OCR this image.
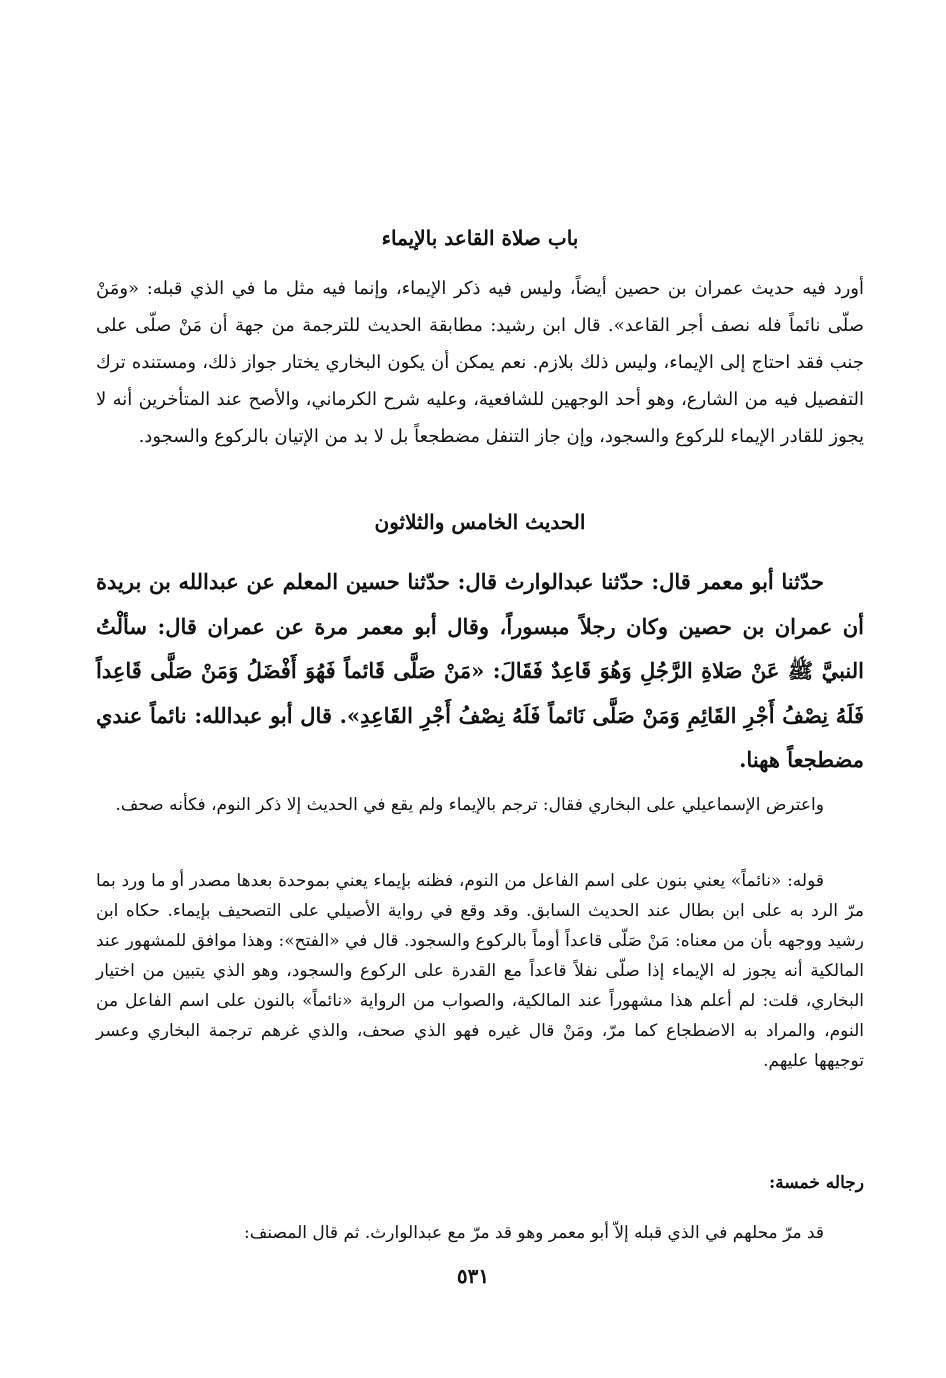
باب صلاة القاعد بالإيماء

أورد فيه حديث عمران بن حصين أيضاً، وليس فيه ذكر الإيماء، وإنما فيه مثل ما في الذي قبله: «ومَنْ صلّى نائماً فله نصف أجر القاعد». قال ابن رشيد: مطابقة الحديث للترجمة من جهة أن مَنْ صلّى على جنب فقد احتاج إلى الإيماء، وليس ذلك بلازم. نعم يمكن أن يكون البخاري يختار جواز ذلك، ومستنده ترك التفصيل فيه من الشارع، وهو أحد الوجهين للشافعية، وعليه شرح الكرماني، والأصح عند المتأخرين أنه لا يجوز للقادر الإيماء للركوع والسجود، وإن جاز التنفل مضطجعاً بل لا بد من الإتيان بالركوع والسجود.

الحديث الخامس والثلاثون

حدّثنا أبو معمر قال: حدّثنا عبدالوارث قال: حدّثنا حسين المعلم عن عبدالله بن بريدة أن عمران بن حصين وكان رجلاً مبسوراً، وقال أبو معمر مرة عن عمران قال: سألْتُ النبيَّ ﷺ عَنْ صَلاةِ الرَّجُلِ وَهُوَ قَاعِدٌ فَقَالَ: «مَنْ صَلَّى قَائماً فَهُوَ أَفْضَلُ وَمَنْ صَلَّى قَاعِداً فَلَهُ نِصْفُ أَجْرِ القَائِمِ وَمَنْ صَلَّى نَائماً فَلَهُ نِصْفُ أَجْرِ القَاعِدِ». قال أبو عبدالله: نائماً عندي مضطجعاً ههنا.

واعترض الإسماعيلي على البخاري فقال: ترجم بالإيماء ولم يقع في الحديث إلا ذكر النوم، فكأنه صحف.

قوله: «نائماً» يعني بنون على اسم الفاعل من النوم، فظنه بإيماء يعني بموحدة بعدها مصدر أو ما ورد بما مرّ الرد به على ابن بطال عند الحديث السابق. وقد وقع في رواية الأصيلي على التصحيف بإيماء. حكاه ابن رشيد ووجهه بأن من معناه: مَنْ صَلّى قاعداً أوماً بالركوع والسجود. قال في «الفتح»: وهذا موافق للمشهور عند المالكية أنه يجوز له الإيماء إذا صلّى نفلاً قاعداً مع القدرة على الركوع والسجود، وهو الذي يتبين من اختيار البخاري، قلت: لم أعلم هذا مشهوراً عند المالكية، والصواب من الرواية «نائماً» بالنون على اسم الفاعل من النوم، والمراد به الاضطجاع كما مرّ، ومَنْ قال غيره فهو الذي صحف، والذي غرهم ترجمة البخاري وعسر توجيهها عليهم.

رجاله خمسة:

قد مرّ محلهم في الذي قبله إلاّ أبو معمر وهو قد مرّ مع عبدالوارث. ثم قال المصنف:

٥٣١
